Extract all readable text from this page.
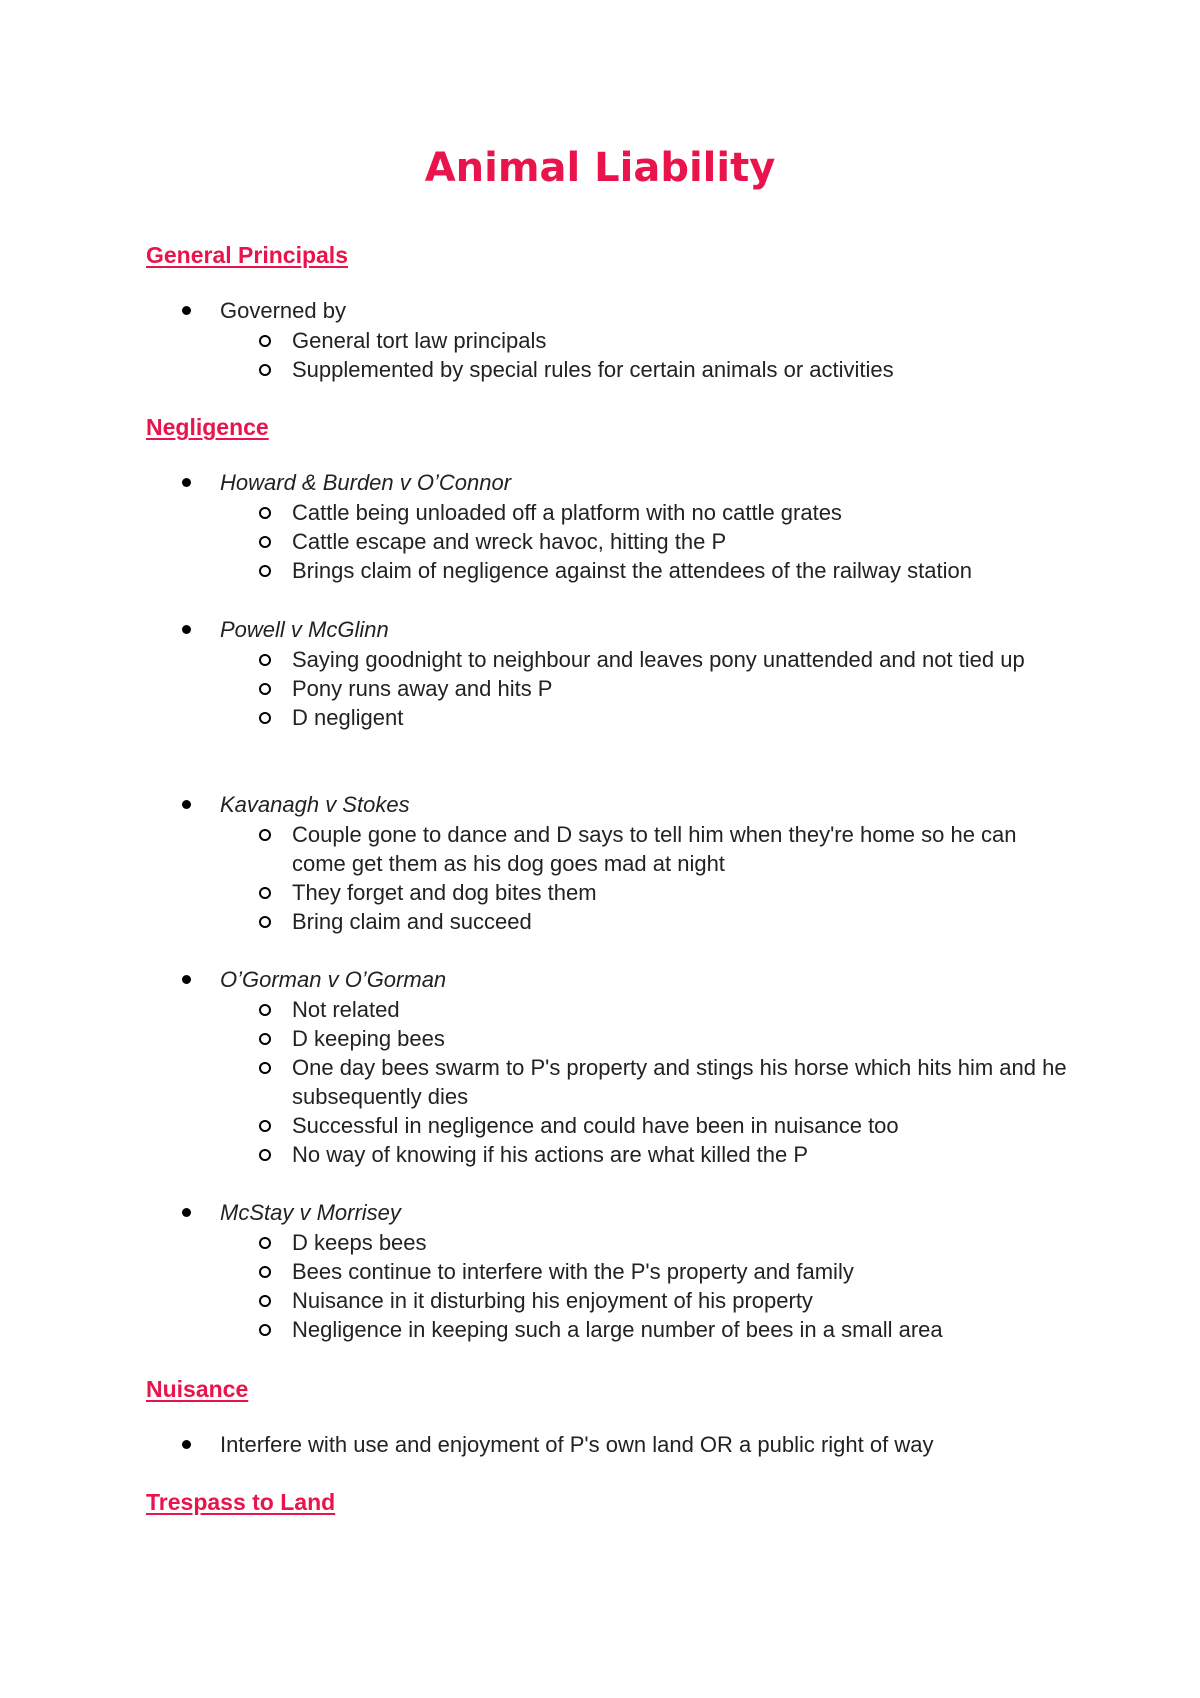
Animal Liability
General Principals
Governed by
General tort law principals
Supplemented by special rules for certain animals or activities
Negligence
Howard & Burden v O’Connor
Cattle being unloaded off a platform with no cattle grates
Cattle escape and wreck havoc, hitting the P
Brings claim of negligence against the attendees of the railway station
Powell v McGlinn
Saying goodnight to neighbour and leaves pony unattended and not tied up
Pony runs away and hits P
D negligent
Kavanagh v Stokes
Couple gone to dance and D says to tell him when they're home so he can come get them as his dog goes mad at night
They forget and dog bites them
Bring claim and succeed
O’Gorman v O’Gorman
Not related
D keeping bees
One day bees swarm to P's property and stings his horse which hits him and he subsequently dies
Successful in negligence and could have been in nuisance too
No way of knowing if his actions are what killed the P
McStay v Morrisey
D keeps bees
Bees continue to interfere with the P's property and family
Nuisance in it disturbing his enjoyment of his property
Negligence in keeping such a large number of bees in a small area
Nuisance
Interfere with use and enjoyment of P's own land OR a public right of way
Trespass to Land
